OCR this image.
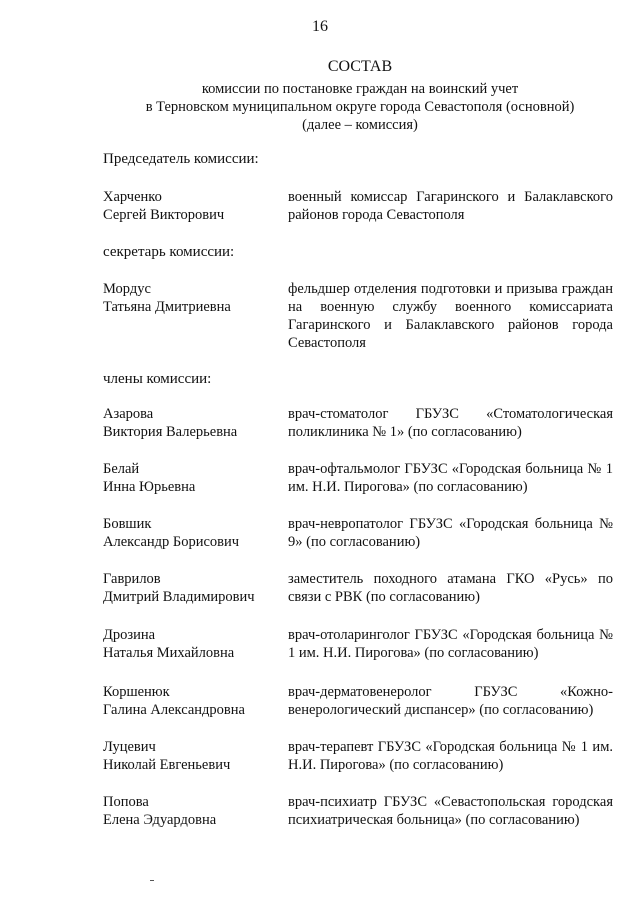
16
СОСТАВ
комиссии по постановке граждан на воинский учет
в Терновском муниципальном округе города Севастополя (основной)
(далее – комиссия)
Председатель комиссии:
Харченко
Сергей Викторович
военный комиссар Гагаринского и Балаклавского районов города Севастополя
секретарь комиссии:
Мордус
Татьяна Дмитриевна
фельдшер отделения подготовки и призыва граждан на военную службу военного комиссариата Гагаринского и Балаклавского районов города Севастополя
члены комиссии:
Азарова
Виктория Валерьевна
врач-стоматолог ГБУЗС «Стоматологическая поликлиника № 1» (по согласованию)
Белай
Инна Юрьевна
врач-офтальмолог ГБУЗС «Городская больница № 1 им. Н.И. Пирогова» (по согласованию)
Бовшик
Александр Борисович
врач-невропатолог ГБУЗС «Городская больница № 9» (по согласованию)
Гаврилов
Дмитрий Владимирович
заместитель походного атамана ГКО «Русь» по связи с РВК (по согласованию)
Дрозина
Наталья Михайловна
врач-отоларинголог ГБУЗС «Городская больница № 1 им. Н.И. Пирогова» (по согласованию)
Коршенюк
Галина Александровна
врач-дерматовенеролог ГБУЗС «Кожно-венерологический диспансер» (по согласованию)
Луцевич
Николай Евгеньевич
врач-терапевт ГБУЗС «Городская больница № 1 им. Н.И. Пирогова» (по согласованию)
Попова
Елена Эдуардовна
врач-психиатр ГБУЗС «Севастопольская городская психиатрическая больница» (по согласованию)
